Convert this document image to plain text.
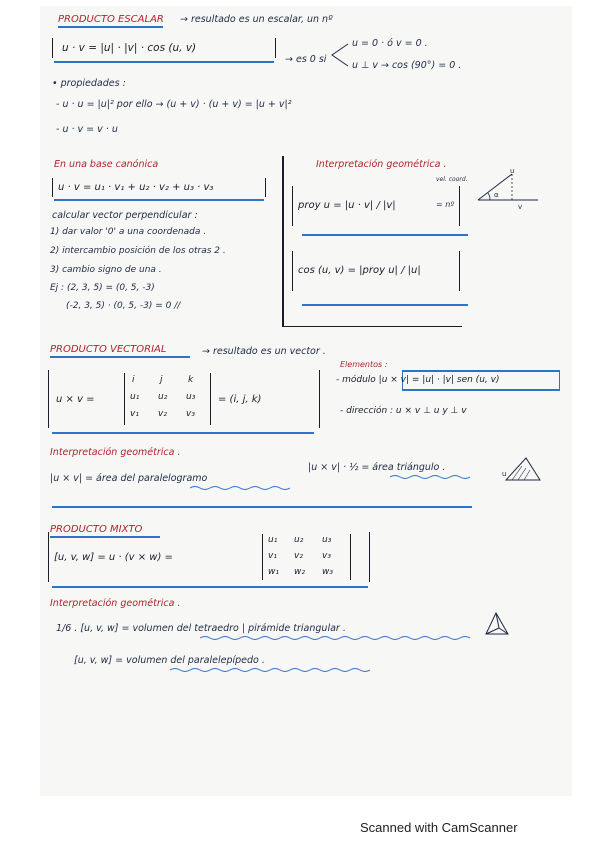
PRODUCTO ESCALAR → resultado es un escalar, un nº
u · v = |u| · |v| · cos (u, v)
→ es 0 si
u = 0 · ó v = 0 .
u ⊥ v → cos (90°) = 0 .
• propiedades :
- u · u = |u|² por ello → (u + v) · (u + v) = |u + v|²
- u · v = v · u
En una base canónica
u · v = u₁ · v₁ + u₂ · v₂ + u₃ · v₃
calcular vector perpendicular :
1) dar valor '0' a una coordenada .
2) intercambio posición de los otras 2 .
3) cambio signo de una .
Ej : (2, 3, 5) = (0, 5, -3)
(-2, 3, 5) · (0, 5, -3) = 0 //
Interpretación geométrica .
u
α
v
proy u = |u · v| / |v|	= nº
vel. coord.
cos (u, v) = |proy u| / |u|
PRODUCTO VECTORIAL	→ resultado es un vector .
u × v =
i	j	k
u₁ u₂ u₃
v₁ v₂ v₃
= (i, j, k)
Elementos :
- módulo |u × v| = |u| · |v| sen (u, v)
- dirección : u × v ⊥ u y ⊥ v
Interpretación geométrica .
|u × v| = área del paralelogramo
|u × v| · ½ = área triángulo .
u
PRODUCTO MIXTO
[u, v, w] = u · (v × w) =
u₁ u₂ u₃
v₁ v₂ v₃
w₁ w₂ w₃
Interpretación geométrica .
1/6 . [u, v, w] = volumen del tetraedro | pirámide triangular .
[u, v, w] = volumen del paralelepípedo .
Scanned with CamScanner
